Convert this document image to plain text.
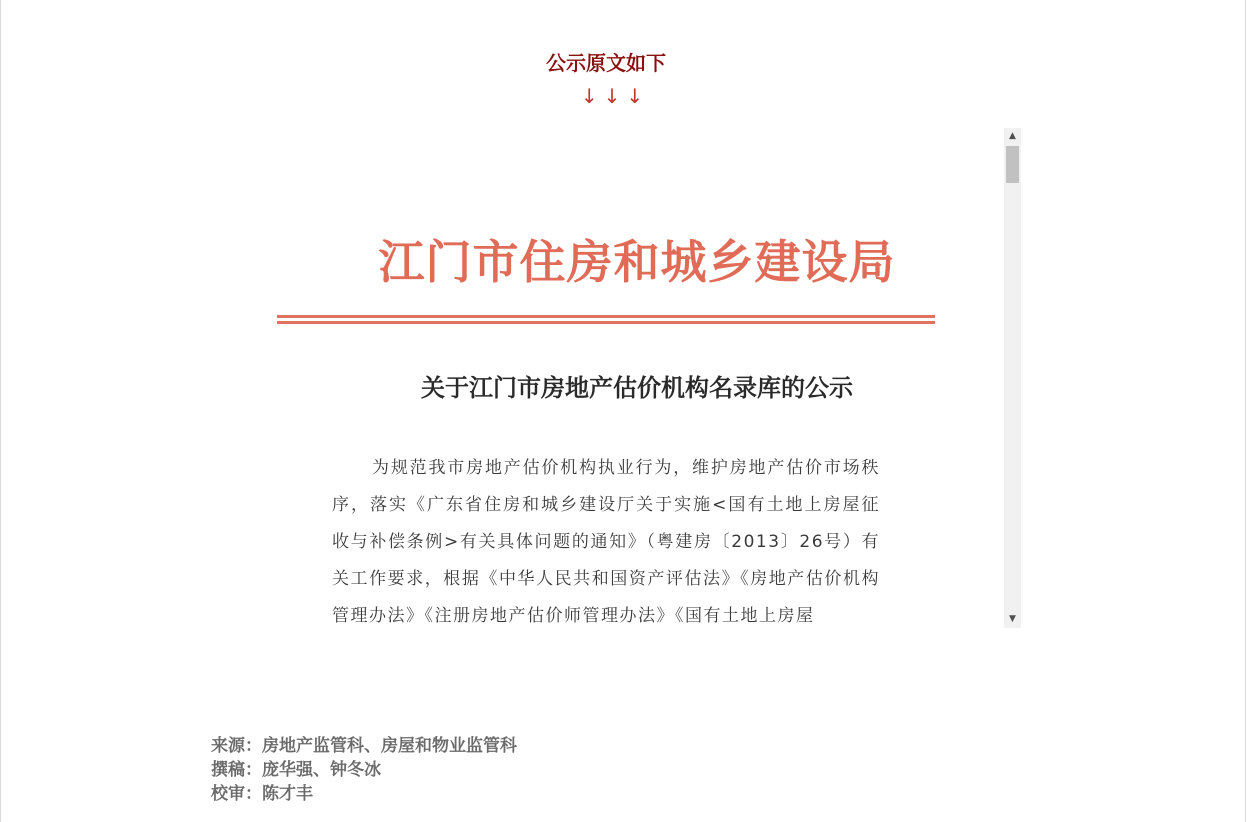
公示原文如下
↓↓↓
江门市住房和城乡建设局
关于江门市房地产估价机构名录库的公示
为规范我市房地产估价机构执业行为，维护房地产估价市场秩序，落实《广东省住房和城乡建设厅关于实施<国有土地上房屋征收与补偿条例>有关具体问题的通知》（粤建房〔2013〕26号）有关工作要求，根据《中华人民共和国资产评估法》《房地产估价机构管理办法》《注册房地产估价师管理办法》《国有土地上房屋
▲
▼
来源：房地产监管科、房屋和物业监管科
撰稿：庞华强、钟冬冰
校审：陈才丰
